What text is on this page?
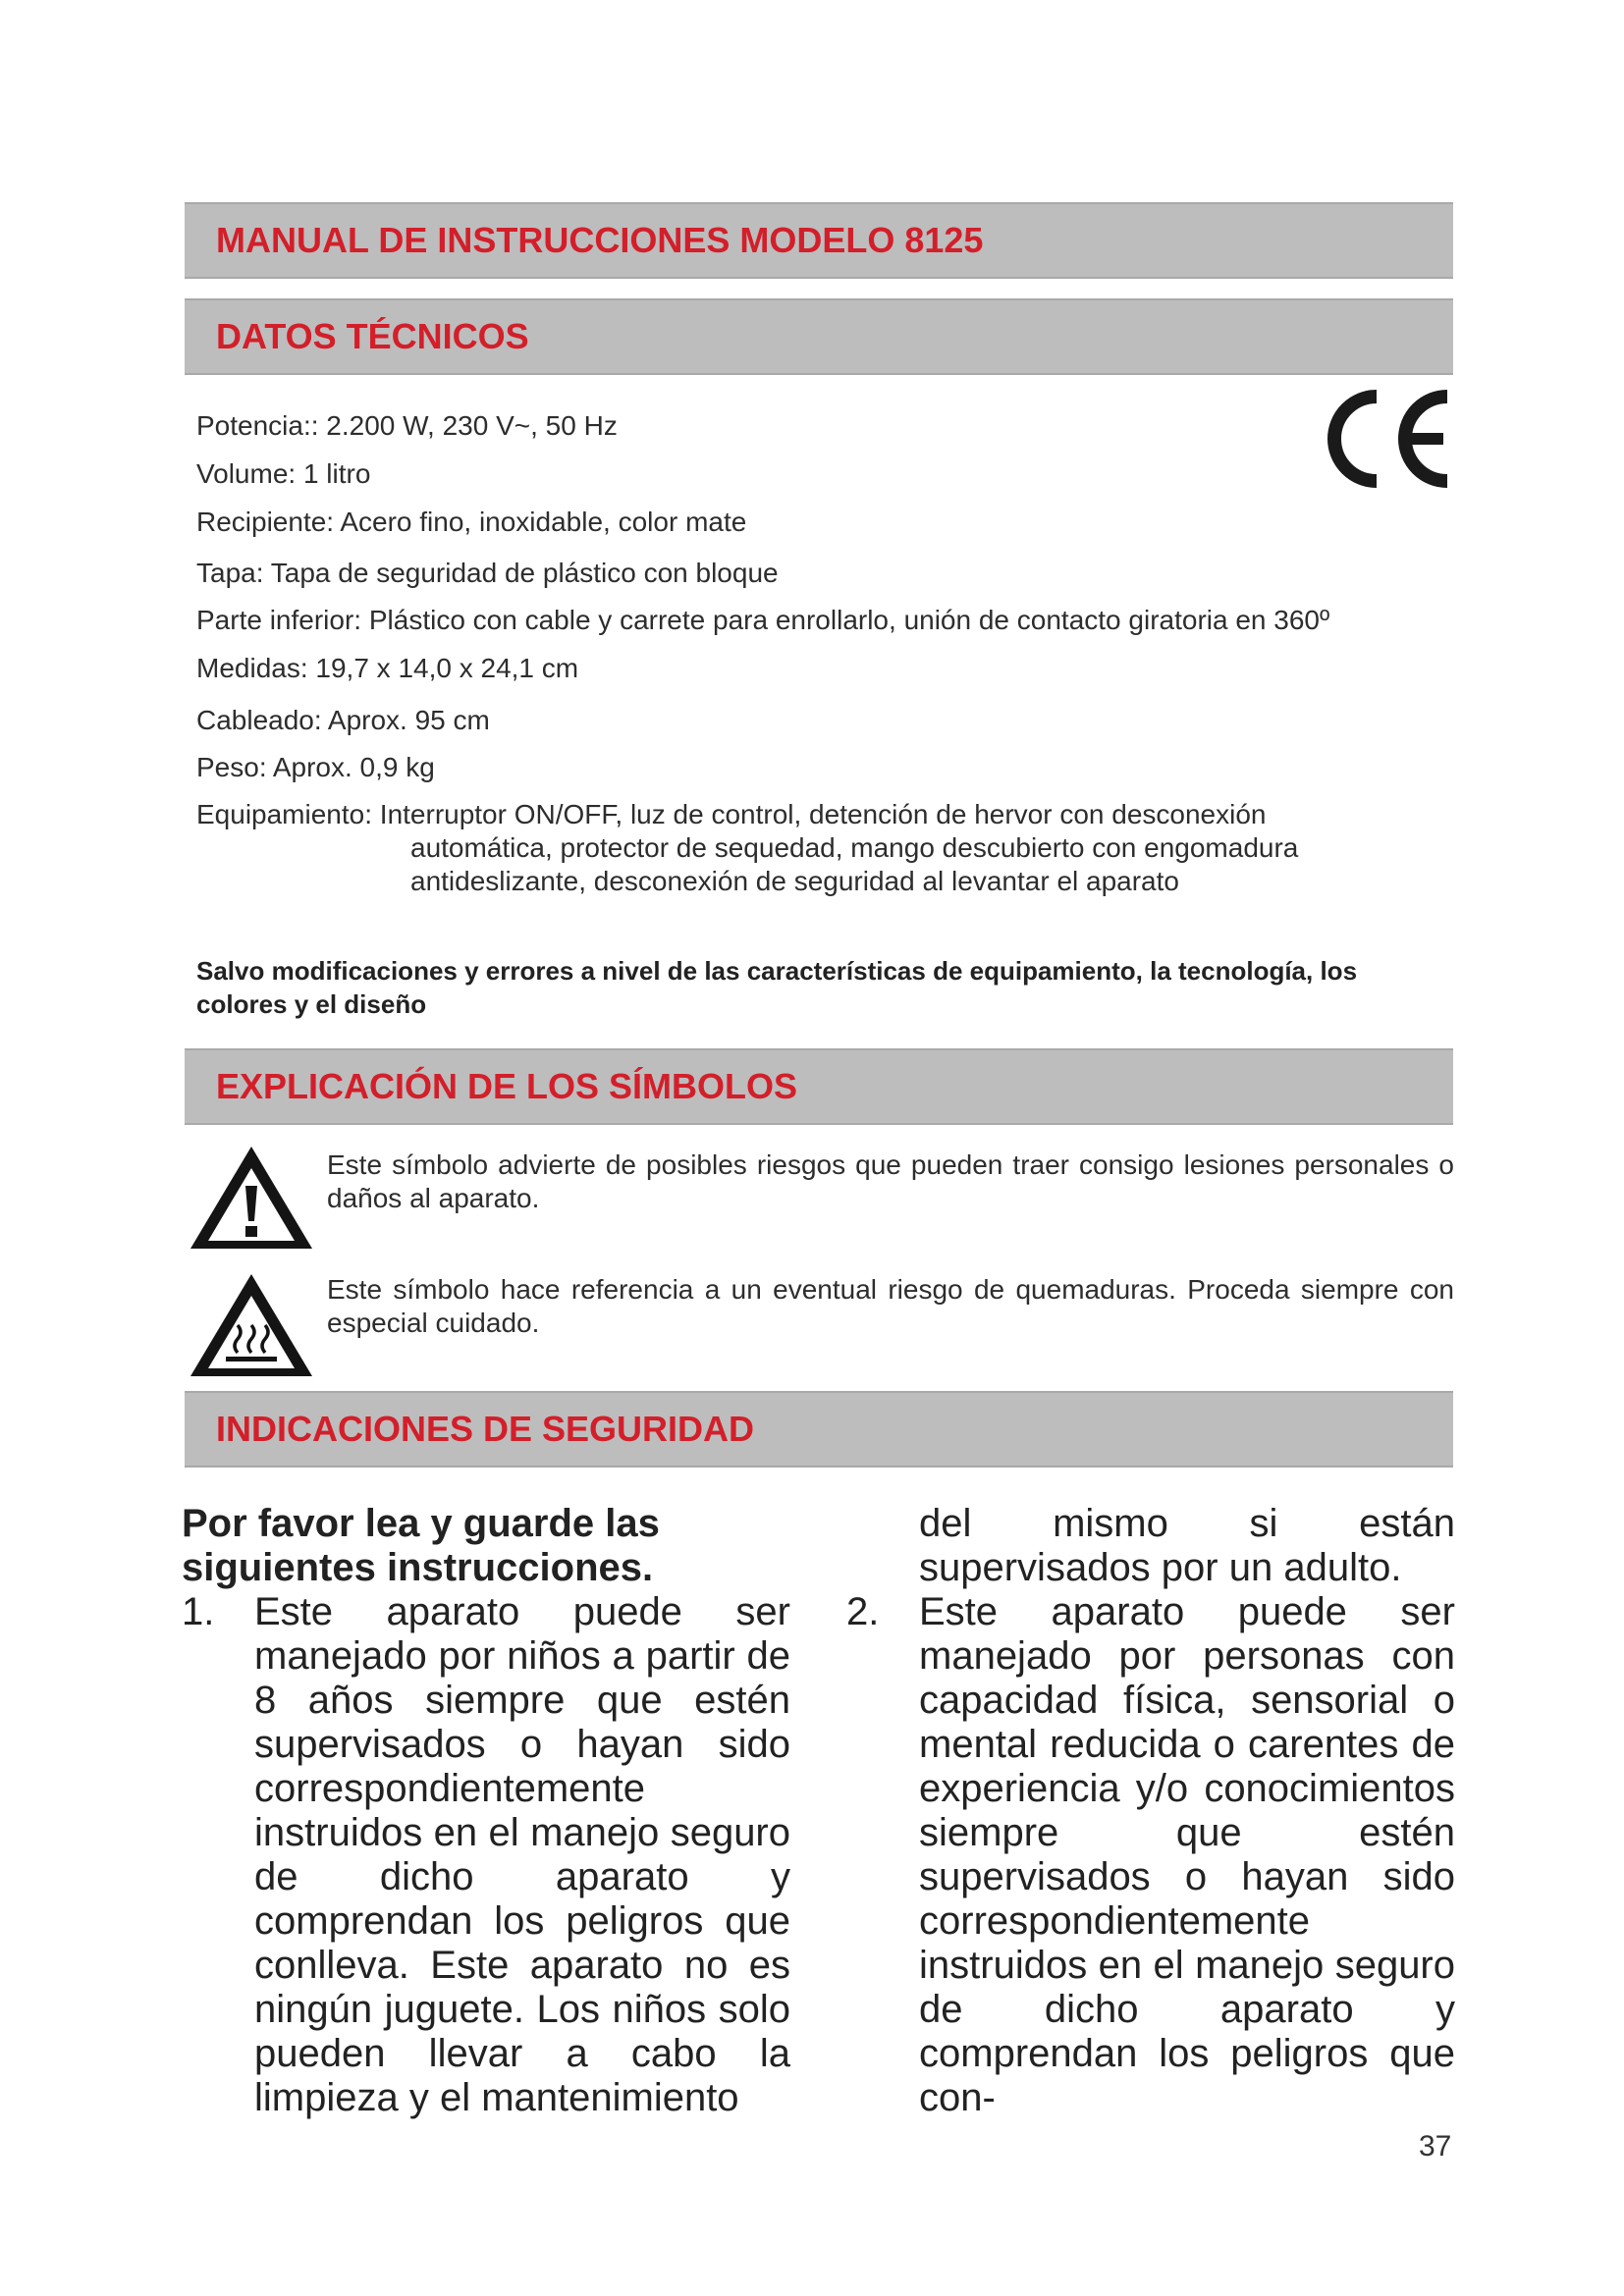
MANUAL DE INSTRUCCIONES MODELO 8125
DATOS TÉCNICOS
Potencia:: 2.200 W, 230 V~, 50 Hz
Volume: 1 litro
Recipiente: Acero fino, inoxidable, color mate
Tapa: Tapa de seguridad de plástico con bloque
Parte inferior: Plástico con cable y carrete para enrollarlo, unión de contacto giratoria en 360º
Medidas: 19,7 x 14,0 x 24,1 cm
Cableado: Aprox. 95 cm
Peso: Aprox. 0,9 kg
Equipamiento: Interruptor ON/OFF, luz de control, detención de hervor con desconexión
automática, protector de sequedad, mango descubierto con engomadura
antideslizante, desconexión de seguridad al levantar el aparato
Salvo modificaciones y errores a nivel de las características de equipamiento, la tecnología, los colores y el diseño
EXPLICACIÓN DE LOS SÍMBOLOS
Este símbolo advierte de posibles riesgos que pueden traer consigo lesiones personales o daños al aparato.
Este símbolo hace referencia a un eventual riesgo de quemaduras. Proceda siempre con especial cuidado.
INDICACIONES DE SEGURIDAD
Por favor lea y guarde las siguientes instrucciones.
1.	Este aparato puede ser manejado por niños a partir de 8 años siempre que estén supervisados o hayan sido correspondientemente instruidos en el manejo seguro de dicho aparato y comprendan los peligros que conlleva. Este aparato no es ningún juguete. Los niños solo pueden llevar a cabo la limpieza y el mantenimiento
del mismo si están supervisados por un adulto.
2.	Este aparato puede ser manejado por personas con capacidad física, sensorial o mental reducida o carentes de experiencia y/o conocimientos siempre que estén supervisados o hayan sido correspondientemente instruidos en el manejo seguro de dicho aparato y comprendan los peligros que con-
37
